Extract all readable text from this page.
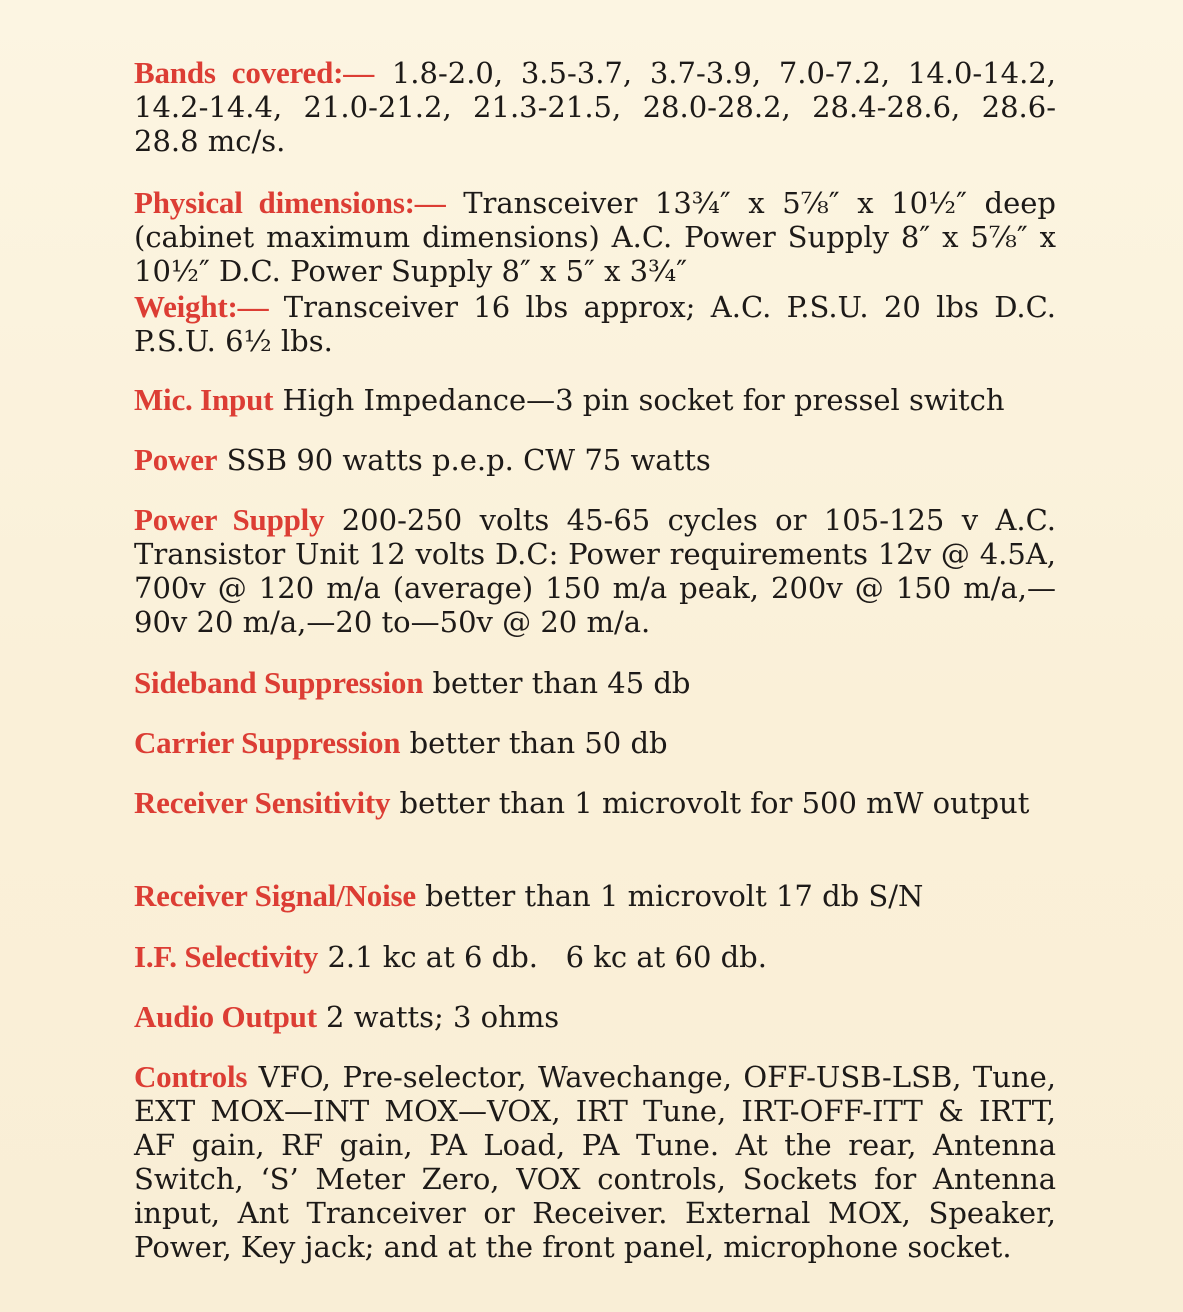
Bands covered:— 1.8-2.0, 3.5-3.7, 3.7-3.9, 7.0-7.2, 14.0-14.2, 14.2-14.4, 21.0-21.2, 21.3-21.5, 28.0-28.2, 28.4-28.6, 28.6-28.8 mc/s.

Physical dimensions:— Transceiver 13¾″ x 5⅞″ x 10½″ deep (cabinet maximum dimensions) A.C. Power Supply 8″ x 5⅞″ x 10½″ D.C. Power Supply 8″ x 5″ x 3¾″

Weight:— Transceiver 16 lbs approx; A.C. P.S.U. 20 lbs D.C. P.S.U. 6½ lbs.

Mic. Input High Impedance—3 pin socket for pressel switch

Power SSB 90 watts p.e.p. CW 75 watts

Power Supply 200-250 volts 45-65 cycles or 105-125 v A.C. Transistor Unit 12 volts D.C: Power requirements 12v @ 4.5A, 700v @ 120 m/a (average) 150 m/a peak, 200v @ 150 m/a,—90v 20 m/a,—20 to—50v @ 20 m/a.

Sideband Suppression better than 45 db

Carrier Suppression better than 50 db

Receiver Sensitivity better than 1 microvolt for 500 mW output

Receiver Signal/Noise better than 1 microvolt 17 db S/N

I.F. Selectivity 2.1 kc at 6 db.   6 kc at 60 db.

Audio Output 2 watts; 3 ohms

Controls VFO, Pre-selector, Wavechange, OFF-USB-LSB, Tune, EXT MOX—INT MOX—VOX, IRT Tune, IRT-OFF-ITT & IRTT, AF gain, RF gain, PA Load, PA Tune. At the rear, Antenna Switch, ‘S’ Meter Zero, VOX controls, Sockets for Antenna input, Ant Tranceiver or Receiver. External MOX, Speaker, Power, Key jack; and at the front panel, microphone socket.
